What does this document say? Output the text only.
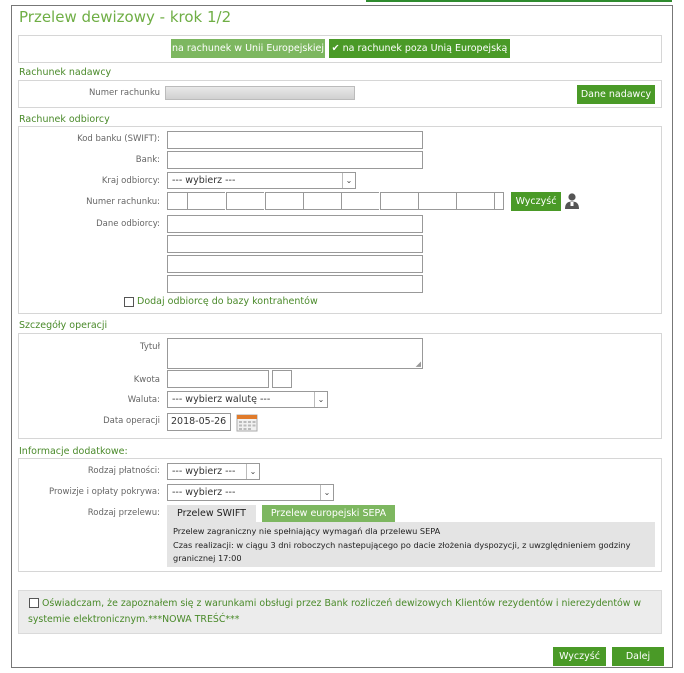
Przelew dewizowy - krok 1/2
na rachunek w Unii Europejskiej ✔ na rachunek poza Unią Europejską
Rachunek nadawcy
Numer rachunku	Dane nadawcy
Rachunek odbiorcy
Kod banku (SWIFT):
Bank:
Kraj odbiorcy:	--- wybierz ---	⌄
Numer rachunku:	Wyczyść
Dane odbiorcy:
Dodaj odbiorcę do bazy kontrahentów
Szczegóły operacji
Tytuł
◢
Kwota
Waluta:	--- wybierz walutę ---	⌄
Data operacji	2018-05-26
Informacje dodatkowe:
Rodzaj płatności:	--- wybierz ---	⌄
Prowizje i opłaty pokrywa:	--- wybierz ---	⌄
Rodzaj przelewu:	Przelew SWIFT	Przelew europejski SEPA
Przelew zagraniczny nie spełniający wymagań dla przelewu SEPA
Czas realizacji: w ciągu 3 dni roboczych nastepującego po dacie złożenia dyspozycji, z uwzględnieniem godziny
granicznej 17:00
Oświadczam, że zapoznałem się z warunkami obsługi przez Bank rozliczeń dewizowych Klientów rezydentów i nierezydentów w
systemie elektronicznym.***NOWA TREŚĆ***
Wyczyść	Dalej
